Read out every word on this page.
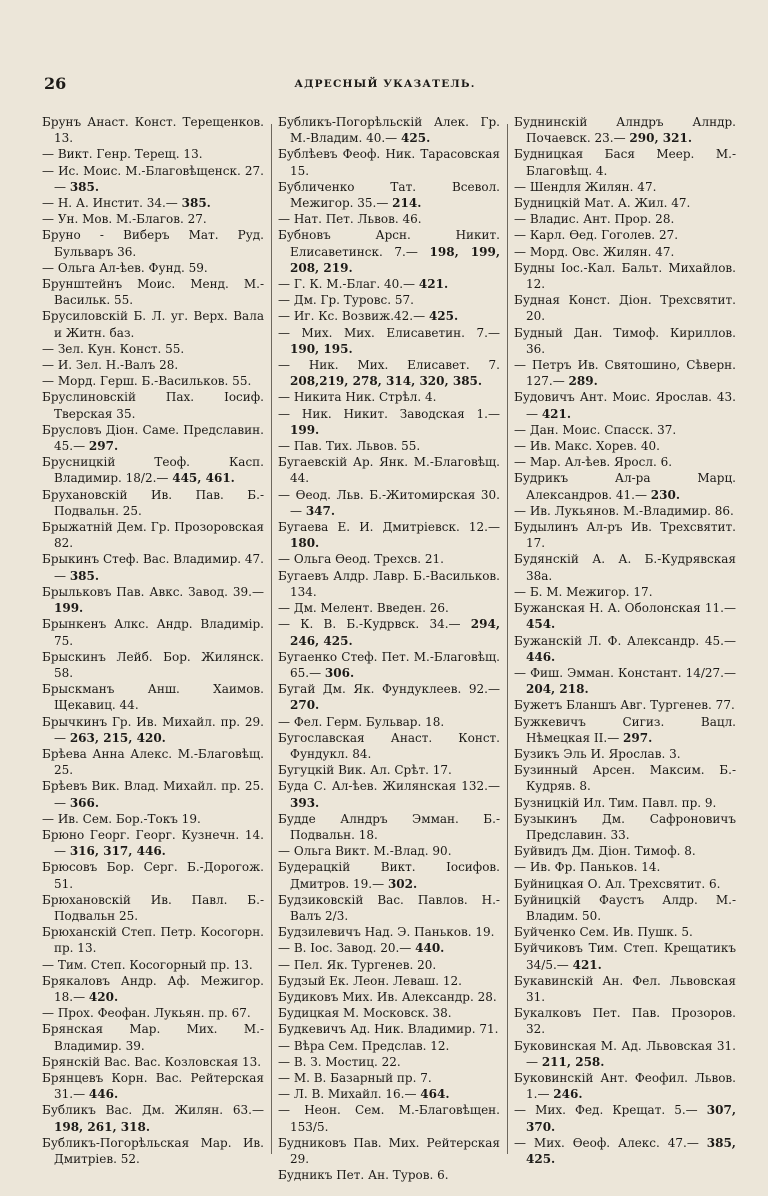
26	АДРЕСНЫЙ УКАЗАТЕЛЬ.
Брунъ Анаст. Конст. Терещенков. 13.
— Викт. Генр. Терещ. 13.
— Ис. Моис. М.-Благовѣщенск. 27. — 385.
— Н. А. Инстит. 34.— 385.
— Ун. Мов. М.-Благов. 27.
Бруно - Виберъ Мат. Руд. Бульваръ 36.
— Ольга Ал-ѣев. Фунд. 59.
Брунштейнъ Моис. Менд. М.-Васильк. 55.
Брусиловскій Б. Л. уг. Верх. Вала и Житн. баз.
— Зел. Кун. Конст. 55.
— И. Зел. Н.-Валъ 28.
— Морд. Герш. Б.-Васильков. 55.
Бруслиновскій Пах. Іосиф. Тверская 35.
Брусловъ Діон. Саме. Предславин. 45.— 297.
Брусницкій Теоф. Касп. Владимир. 18/2.— 445, 461.
Бруханoвскій Ив. Пав. Б.-Подвальн. 25.
Брыжатній Дем. Гр. Прозоровская 82.
Брыкинъ Стеф. Вас. Владимир. 47.— 385.
Брыльковъ Пав. Авкс. Завод. 39.— 199.
Брынкенъ Алкс. Андр. Владимір. 75.
Брыскинъ Лейб. Бор. Жилянск. 58.
Брыскманъ Анш. Хаимов. Щекавиц. 44.
Брычкинъ Гр. Ив. Михайл. пр. 29.— 263, 215, 420.
Брѣева Анна Алекс. М.-Благовѣщ. 25.
Брѣевъ Вик. Влад. Михайл. пр. 25.— 366.
— Ив. Сем. Бор.-Токъ 19.
Брюно Георг. Георг. Кузнечн. 14.— 316, 317, 446.
Брюсовъ Бор. Серг. Б.-Дорогож. 51.
Брюхановскій Ив. Павл. Б.-Подвальн 25.
Брюханскій Степ. Петр. Косогорн. пр. 13.
— Тим. Степ. Косогорный пр. 13.
Брякаловъ Андр. Аф. Межигор. 18.— 420.
— Прох. Феофан. Лукьян. пр. 67.
Брянская Мар. Мих. М.-Владимир. 39.
Брянскій Вас. Вас. Козловская 13.
Брянцевъ Корн. Вас. Рейтерская 31.— 446.
Бубликъ Вас. Дм. Жилян. 63.— 198, 261, 318.
Бубликъ-Погорѣльская Мар. Ив. Дмитріев. 52.
Бубликъ-Погорѣльскій Алек. Гр. М.-Владим. 40.— 425.
Бублѣевъ Феоф. Ник. Тарасовская 15.
Бубличенко Тат. Всевол. Межигор. 35.— 214.
— Нат. Пет. Львов. 46.
Бубновъ Арсн. Никит. Елисаветинск. 7.— 198, 199, 208, 219.
— Г. К. М.-Благ. 40.— 421.
— Дм. Гр. Туровс. 57.
— Иг. Кс. Возвиж.42.— 425.
— Мих. Мих. Елисаветин. 7.— 190, 195.
— Ник. Мих. Елисавет. 7. 208,219, 278, 314, 320, 385.
— Никита Ник. Стрѣл. 4.
— Ник. Никит. Заводская 1.— 199.
— Пав. Тих. Львов. 55.
Бугаевскій Ар. Янк. М.-Благовѣщ. 44.
— Ѳеод. Льв. Б.-Житомирская 30.— 347.
Бугаева Е. И. Дмитріевск. 12.— 180.
— Ольга Ѳеод. Трехсв. 21.
Бугаевъ Алдр. Лавр. Б.-Васильков. 134.
— Дм. Мелент. Введен. 26.
— К. В. Б.-Кудрвск. 34.— 294, 246, 425.
Бугаенко Стеф. Пет. М.-Благовѣщ. 65.— 306.
Бугай Дм. Як. Фундуклеев. 92.— 270.
— Фел. Герм. Бульвар. 18.
Бугославская Анаст. Конст. Фундукл. 84.
Бугуцкій Вик. Ал. Срѣт. 17.
Буда С. Ал-ѣев. Жилянская 132.— 393.
Будде Алндръ Эмман. Б.-Подвальн. 18.
— Ольга Викт. М.-Влад. 90.
Будерацкій Викт. Іосифов. Дмитров. 19.— 302.
Будзиковскій Вас. Павлов. Н.-Валъ 2/3.
Будзилевичъ Над. Э. Паньков. 19.
— В. Іос. Завод. 20.— 440.
— Пел. Як. Тургенев. 20.
Будзый Ек. Леон. Леваш. 12.
Будиковъ Мих. Ив. Александр. 28.
Будицкая М. Московск. 38.
Будкевичъ Ад. Ник. Владимир. 71.
— Вѣра Сем. Предслав. 12.
— В. З. Мостиц. 22.
— М. В. Базарный пр. 7.
— Л. В. Михайл. 16.— 464.
— Неон. Сем. М.-Благовѣщен. 153/5.
Будниковъ Пав. Мих. Рейтерская 29.
Будникъ Пет. Ан. Туров. 6.
Буднинскій Алндръ Алндр. Почаевск. 23.— 290, 321.
Будницкая Бася Меер. М.-Благовѣщ. 4.
— Шендля Жилян. 47.
Будницкій Мат. А. Жил. 47.
— Владис. Ант. Прор. 28.
— Карл. Ѳед. Гоголев. 27.
— Морд. Овс. Жилян. 47.
Будны Іос.-Кал. Бальт. Михайлов. 12.
Будная Конст. Діон. Трехсвятит. 20.
Будный Дан. Тимоф. Кириллов. 36.
— Петръ Ив. Святошино, Сѣверн. 127.— 289.
Будовичъ Ант. Моис. Ярослав. 43.— 421.
— Дан. Моис. Спасск. 37.
— Ив. Макс. Хорев. 40.
— Мар. Ал-ѣев. Яросл. 6.
Будрикъ Ал-ра Марц. Александров. 41.— 230.
— Ив. Лукьянов. М.-Владимир. 86.
Будылинъ Ал-ръ Ив. Трехсвятит. 17.
Будянскій А. А. Б.-Кудрявская 38а.
— Б. М. Межигор. 17.
Бужанская Н. А. Оболонская 11.— 454.
Бужанскій Л. Ф. Александр. 45.— 446.
— Фиш. Эмман. Констант. 14/27.— 204, 218.
Бужетъ Бланшъ Авг. Тургенев. 77.
Бужкевичъ Сигиз. Вацл. Нѣмецкая II.— 297.
Бузикъ Эль И. Ярослав. 3.
Бузинный Арсен. Максим. Б.-Кудряв. 8.
Бузницкій Ил. Тим. Павл. пр. 9.
Бузыкинъ Дм. Сафроновичъ Предславин. 33.
Буйвидъ Дм. Діон. Тимоф. 8.
— Ив. Фр. Паньков. 14.
Буйницкая О. Ал. Трехсвятит. 6.
Буйницкій Фаустъ Алдр. М.-Владим. 50.
Буйченко Сем. Ив. Пушк. 5.
Буйчиковъ Тим. Степ. Крещатикъ 34/5.— 421.
Букавинскій Ан. Фел. Львовская 31.
Букалковъ Пет. Пав. Прозоров. 32.
Буковинская М. Ад. Львовская 31.— 211, 258.
Буковинскій Ант. Феофил. Львов. 1.— 246.
— Мих. Фед. Крещат. 5.— 307, 370.
— Мих. Ѳеоф. Алекс. 47.— 385, 425.
